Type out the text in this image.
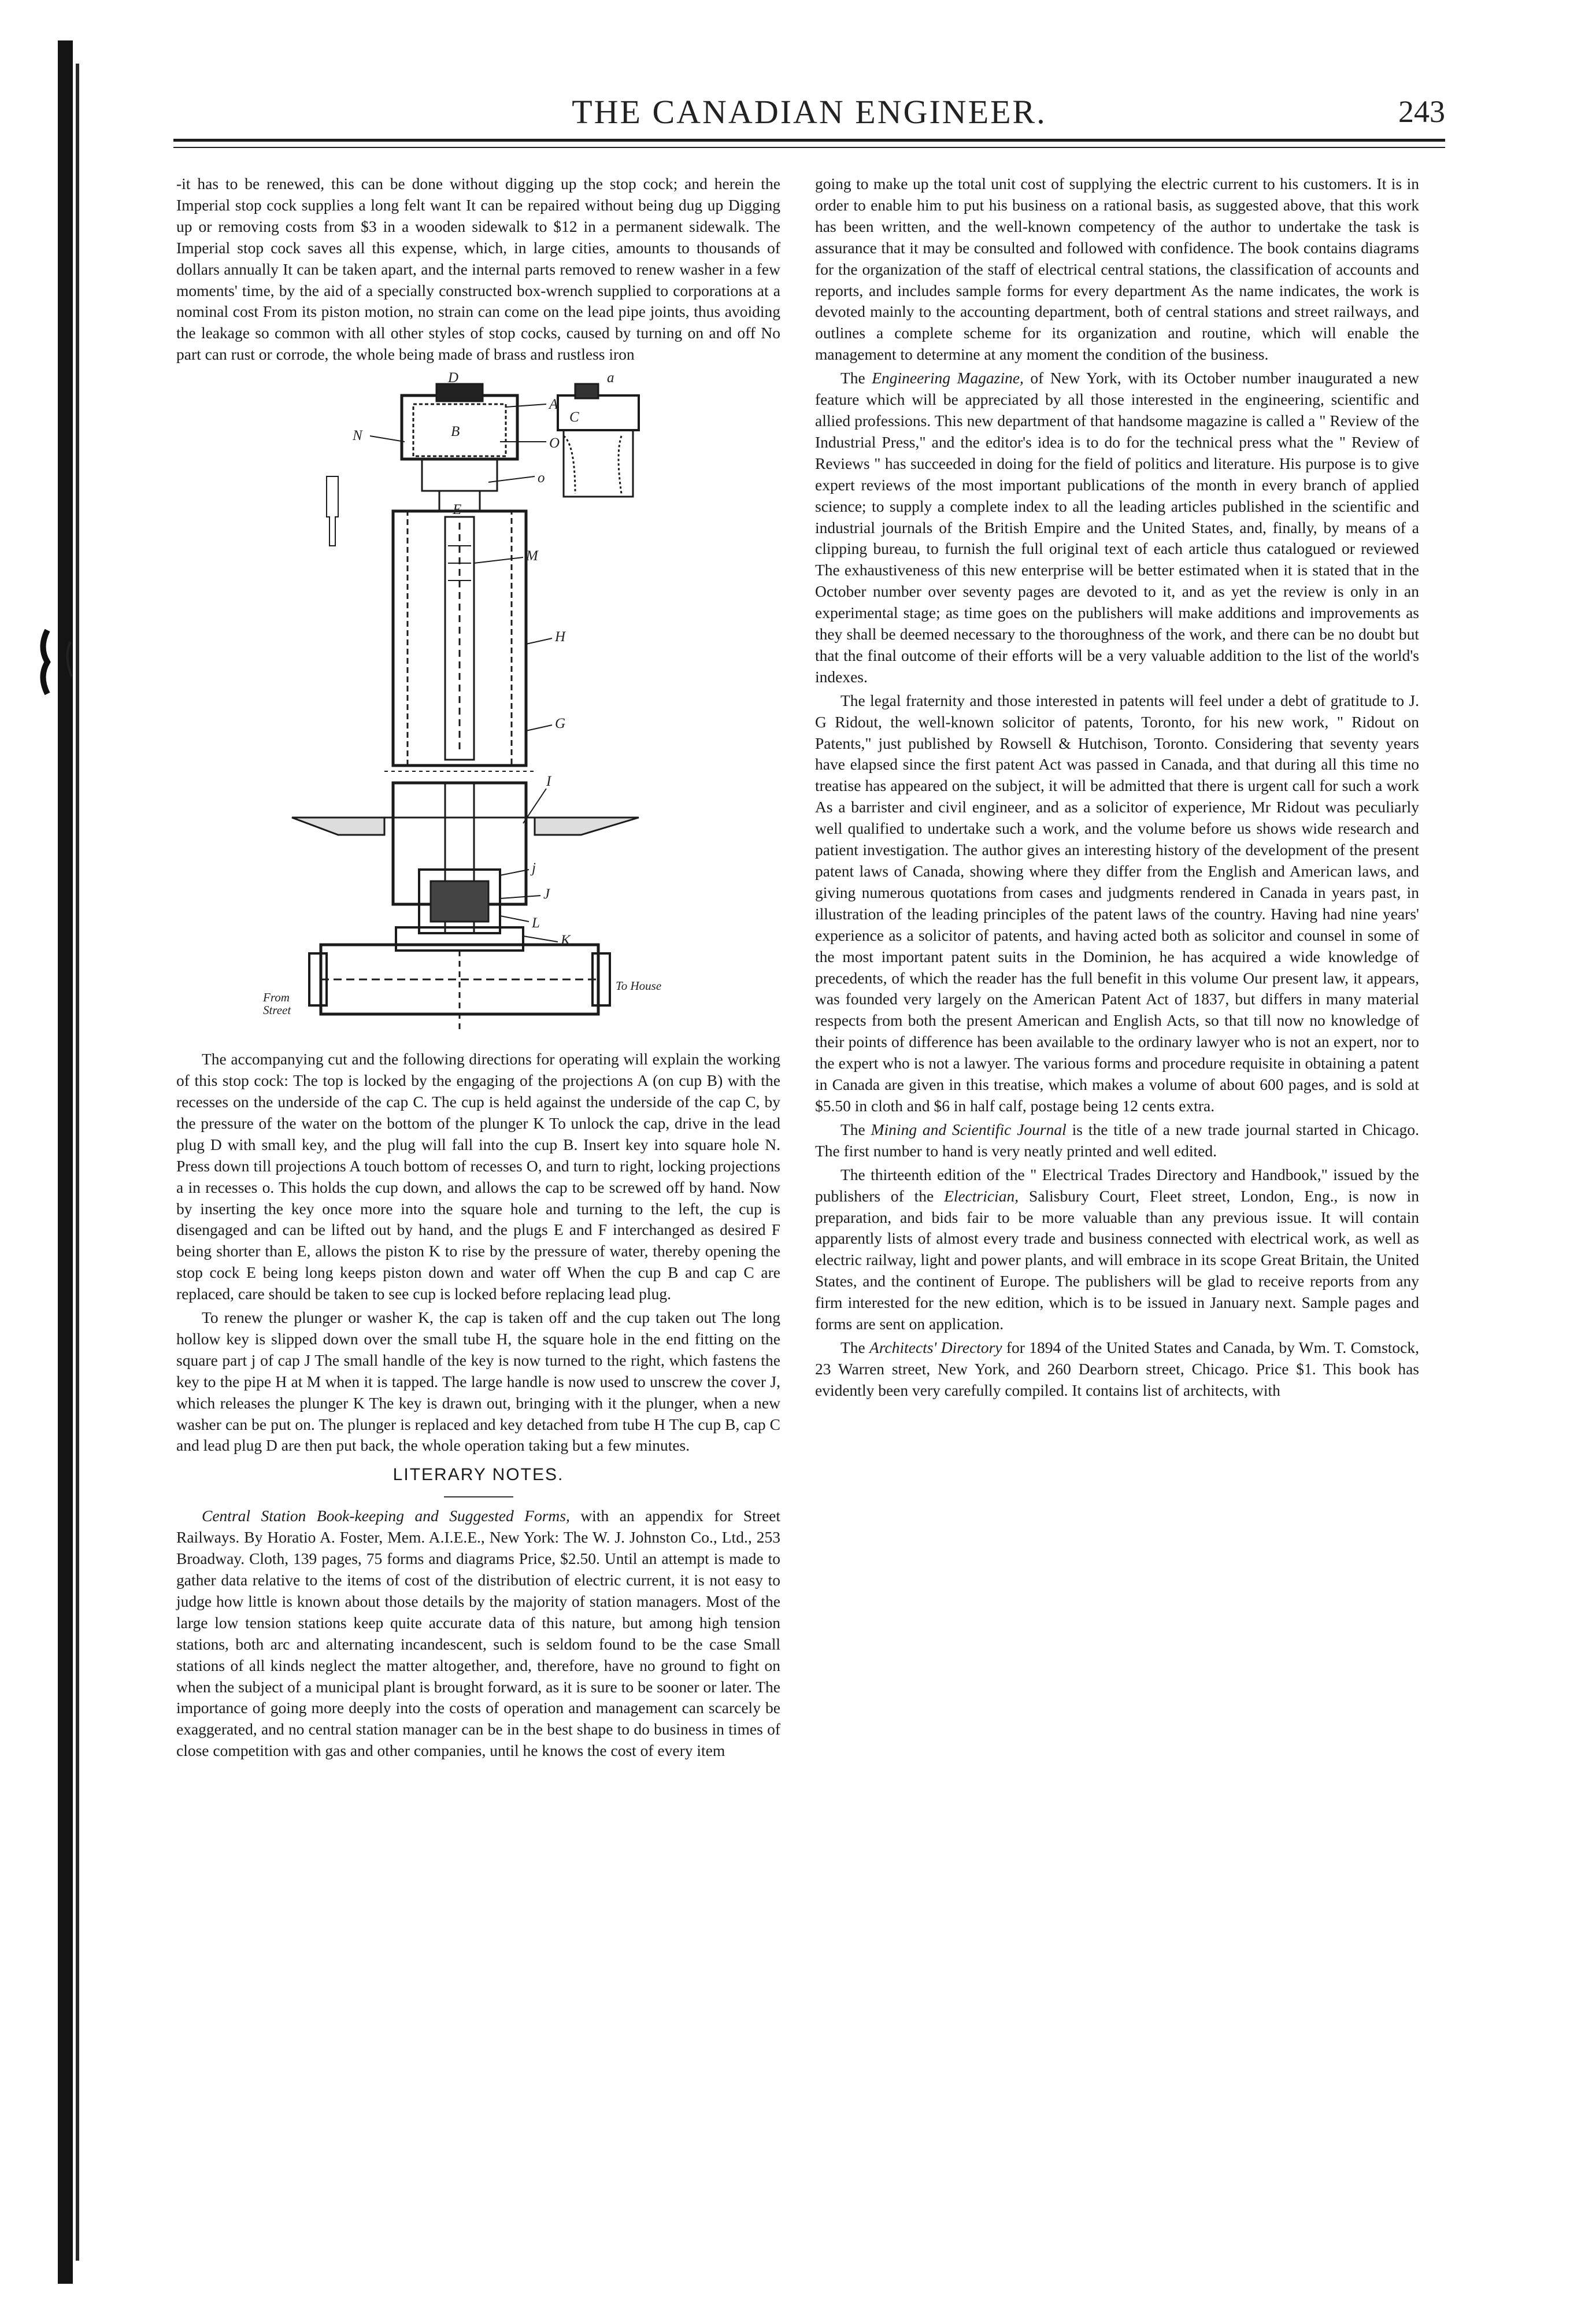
THE CANADIAN ENGINEER.	243

-it has to be renewed, this can be done without digging up the stop cock; and herein the Imperial stop cock supplies a long felt want It can be repaired without being dug up Digging up or removing costs from $3 in a wooden sidewalk to $12 in a permanent sidewalk. The Imperial stop cock saves all this expense, which, in large cities, amounts to thousands of dollars annually It can be taken apart, and the internal parts removed to renew washer in a few moments' time, by the aid of a specially constructed box-wrench supplied to corporations at a nominal cost From its piston motion, no strain can come on the lead pipe joints, thus avoiding the leakage so common with all other styles of stop cocks, caused by turning on and off No part can rust or corrode, the whole being made of brass and rustless iron

D	a
A
B
C
N	O
o
E
M
H
G
I
j
J
L
K
From Street
To House

The accompanying cut and the following directions for operating will explain the working of this stop cock: The top is locked by the engaging of the projections A (on cup B) with the recesses on the underside of the cap C. The cup is held against the underside of the cap C, by the pressure of the water on the bottom of the plunger K To unlock the cap, drive in the lead plug D with small key, and the plug will fall into the cup B. Insert key into square hole N. Press down till projections A touch bottom of recesses O, and turn to right, locking projections a in recesses o. This holds the cup down, and allows the cap to be screwed off by hand. Now by inserting the key once more into the square hole and turning to the left, the cup is disengaged and can be lifted out by hand, and the plugs E and F interchanged as desired F being shorter than E, allows the piston K to rise by the pressure of water, thereby opening the stop cock E being long keeps piston down and water off When the cup B and cap C are replaced, care should be taken to see cup is locked before replacing lead plug.

To renew the plunger or washer K, the cap is taken off and the cup taken out The long hollow key is slipped down over the small tube H, the square hole in the end fitting on the square part j of cap J The small handle of the key is now turned to the right, which fastens the key to the pipe H at M when it is tapped. The large handle is now used to unscrew the cover J, which releases the plunger K The key is drawn out, bringing with it the plunger, when a new washer can be put on. The plunger is replaced and key detached from tube H The cup B, cap C and lead plug D are then put back, the whole operation taking but a few minutes.

LITERARY NOTES.

Central Station Book-keeping and Suggested Forms, with an appendix for Street Railways. By Horatio A. Foster, Mem. A.I.E.E., New York: The W. J. Johnston Co., Ltd., 253 Broadway. Cloth, 139 pages, 75 forms and diagrams Price, $2.50. Until an attempt is made to gather data relative to the items of cost of the distribution of electric current, it is not easy to judge how little is known about those details by the majority of station managers. Most of the large low tension stations keep quite accurate data of this nature, but among high tension stations, both arc and alternating incandescent, such is seldom found to be the case Small stations of all kinds neglect the matter altogether, and, therefore, have no ground to fight on when the subject of a municipal plant is brought forward, as it is sure to be sooner or later. The importance of going more deeply into the costs of operation and management can scarcely be exaggerated, and no central station manager can be in the best shape to do business in times of close competition with gas and other companies, until he knows the cost of every item

going to make up the total unit cost of supplying the electric current to his customers. It is in order to enable him to put his business on a rational basis, as suggested above, that this work has been written, and the well-known competency of the author to undertake the task is assurance that it may be consulted and followed with confidence. The book contains diagrams for the organization of the staff of electrical central stations, the classification of accounts and reports, and includes sample forms for every department As the name indicates, the work is devoted mainly to the accounting department, both of central stations and street railways, and outlines a complete scheme for its organization and routine, which will enable the management to determine at any moment the condition of the business.

The Engineering Magazine, of New York, with its October number inaugurated a new feature which will be appreciated by all those interested in the engineering, scientific and allied professions. This new department of that handsome magazine is called a " Review of the Industrial Press," and the editor's idea is to do for the technical press what the " Review of Reviews " has succeeded in doing for the field of politics and literature. His purpose is to give expert reviews of the most important publications of the month in every branch of applied science; to supply a complete index to all the leading articles published in the scientific and industrial journals of the British Empire and the United States, and, finally, by means of a clipping bureau, to furnish the full original text of each article thus catalogued or reviewed The exhaustiveness of this new enterprise will be better estimated when it is stated that in the October number over seventy pages are devoted to it, and as yet the review is only in an experimental stage; as time goes on the publishers will make additions and improvements as they shall be deemed necessary to the thoroughness of the work, and there can be no doubt but that the final outcome of their efforts will be a very valuable addition to the list of the world's indexes.

The legal fraternity and those interested in patents will feel under a debt of gratitude to J. G Ridout, the well-known solicitor of patents, Toronto, for his new work, " Ridout on Patents," just published by Rowsell & Hutchison, Toronto. Considering that seventy years have elapsed since the first patent Act was passed in Canada, and that during all this time no treatise has appeared on the subject, it will be admitted that there is urgent call for such a work As a barrister and civil engineer, and as a solicitor of experience, Mr Ridout was peculiarly well qualified to undertake such a work, and the volume before us shows wide research and patient investigation. The author gives an interesting history of the development of the present patent laws of Canada, showing where they differ from the English and American laws, and giving numerous quotations from cases and judgments rendered in Canada in years past, in illustration of the leading principles of the patent laws of the country. Having had nine years' experience as a solicitor of patents, and having acted both as solicitor and counsel in some of the most important patent suits in the Dominion, he has acquired a wide knowledge of precedents, of which the reader has the full benefit in this volume Our present law, it appears, was founded very largely on the American Patent Act of 1837, but differs in many material respects from both the present American and English Acts, so that till now no knowledge of their points of difference has been available to the ordinary lawyer who is not an expert, nor to the expert who is not a lawyer. The various forms and procedure requisite in obtaining a patent in Canada are given in this treatise, which makes a volume of about 600 pages, and is sold at $5.50 in cloth and $6 in half calf, postage being 12 cents extra.

The Mining and Scientific Journal is the title of a new trade journal started in Chicago. The first number to hand is very neatly printed and well edited.

The thirteenth edition of the " Electrical Trades Directory and Handbook," issued by the publishers of the Electrician, Salisbury Court, Fleet street, London, Eng., is now in preparation, and bids fair to be more valuable than any previous issue. It will contain apparently lists of almost every trade and business connected with electrical work, as well as electric railway, light and power plants, and will embrace in its scope Great Britain, the United States, and the continent of Europe. The publishers will be glad to receive reports from any firm interested for the new edition, which is to be issued in January next. Sample pages and forms are sent on application.

The Architects' Directory for 1894 of the United States and Canada, by Wm. T. Comstock, 23 Warren street, New York, and 260 Dearborn street, Chicago. Price $1. This book has evidently been very carefully compiled. It contains list of architects, with
